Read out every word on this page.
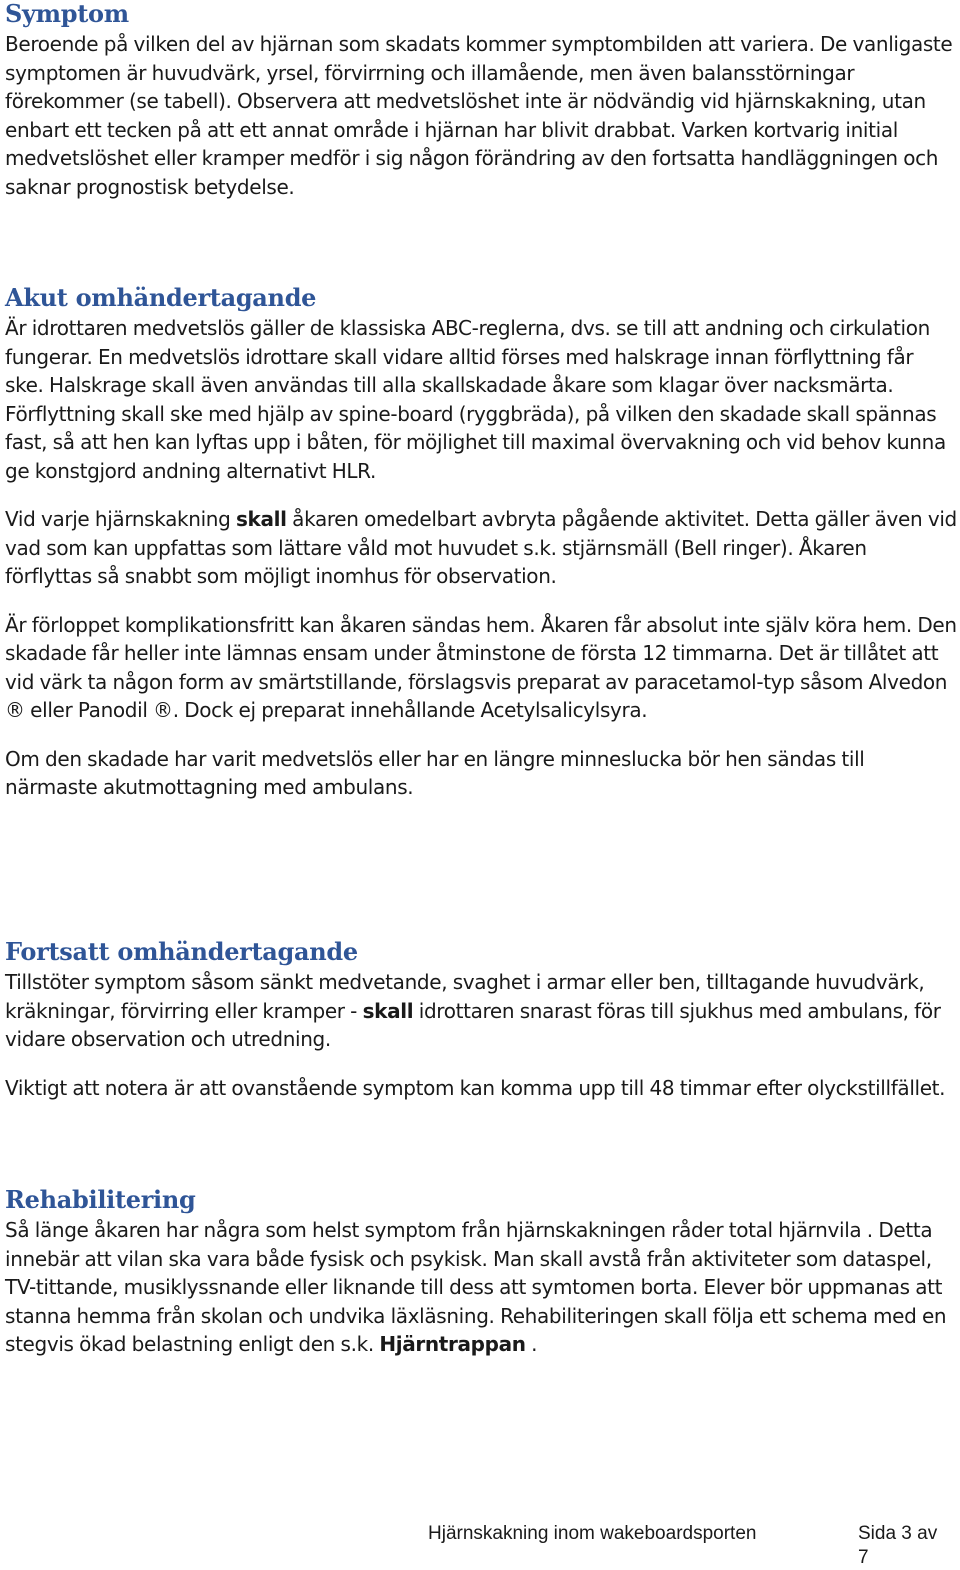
Symptom

Beroende på vilken del av hjärnan som skadats kommer symptombilden att variera. De vanligaste symptomen är huvudvärk, yrsel, förvirrning och illamående, men även balansstörningar förekommer (se tabell). Observera att medvetslöshet inte är nödvändig vid hjärnskakning, utan enbart ett tecken på att ett annat område i hjärnan har blivit drabbat. Varken kortvarig initial medvetslöshet eller kramper medför i sig någon förändring av den fortsatta handläggningen och saknar prognostisk betydelse.

Akut omhändertagande

Är idrottaren medvetslös gäller de klassiska ABC-reglerna, dvs. se till att andning och cirkulation fungerar. En medvetslös idrottare skall vidare alltid förses med halskrage innan förflyttning får ske. Halskrage skall även användas till alla skallskadade åkare som klagar över nacksmärta. Förflyttning skall ske med hjälp av spine-board (ryggbräda), på vilken den skadade skall spännas fast, så att hen kan lyftas upp i båten, för möjlighet till maximal övervakning och vid behov kunna ge konstgjord andning alternativt HLR.

Vid varje hjärnskakning skall åkaren omedelbart avbryta pågående aktivitet. Detta gäller även vid vad som kan uppfattas som lättare våld mot huvudet s.k. stjärnsmäll (Bell ringer). Åkaren förflyttas så snabbt som möjligt inomhus för observation.

Är förloppet komplikationsfritt kan åkaren sändas hem. Åkaren får absolut inte själv köra hem. Den skadade får heller inte lämnas ensam under åtminstone de första 12 timmarna. Det är tillåtet att vid värk ta någon form av smärtstillande, förslagsvis preparat av paracetamol-typ såsom Alvedon ® eller Panodil ®. Dock ej preparat innehållande Acetylsalicylsyra.

Om den skadade har varit medvetslös eller har en längre minneslucka bör hen sändas till närmaste akutmottagning med ambulans.

Fortsatt omhändertagande

Tillstöter symptom såsom sänkt medvetande, svaghet i armar eller ben, tilltagande huvudvärk, kräkningar, förvirring eller kramper - skall idrottaren snarast föras till sjukhus med ambulans, för vidare observation och utredning.

Viktigt att notera är att ovanstående symptom kan komma upp till 48 timmar efter olyckstillfället.

Rehabilitering

Så länge åkaren har några som helst symptom från hjärnskakningen råder total hjärnvila . Detta innebär att vilan ska vara både fysisk och psykisk. Man skall avstå från aktiviteter som dataspel, TV-tittande, musiklyssnande eller liknande till dess att symtomen borta. Elever bör uppmanas att stanna hemma från skolan och undvika läxläsning. Rehabiliteringen skall följa ett schema med en stegvis ökad belastning enligt den s.k. Hjärntrappan .

Hjärnskakning inom wakeboardsporten	Sida 3 av 7
